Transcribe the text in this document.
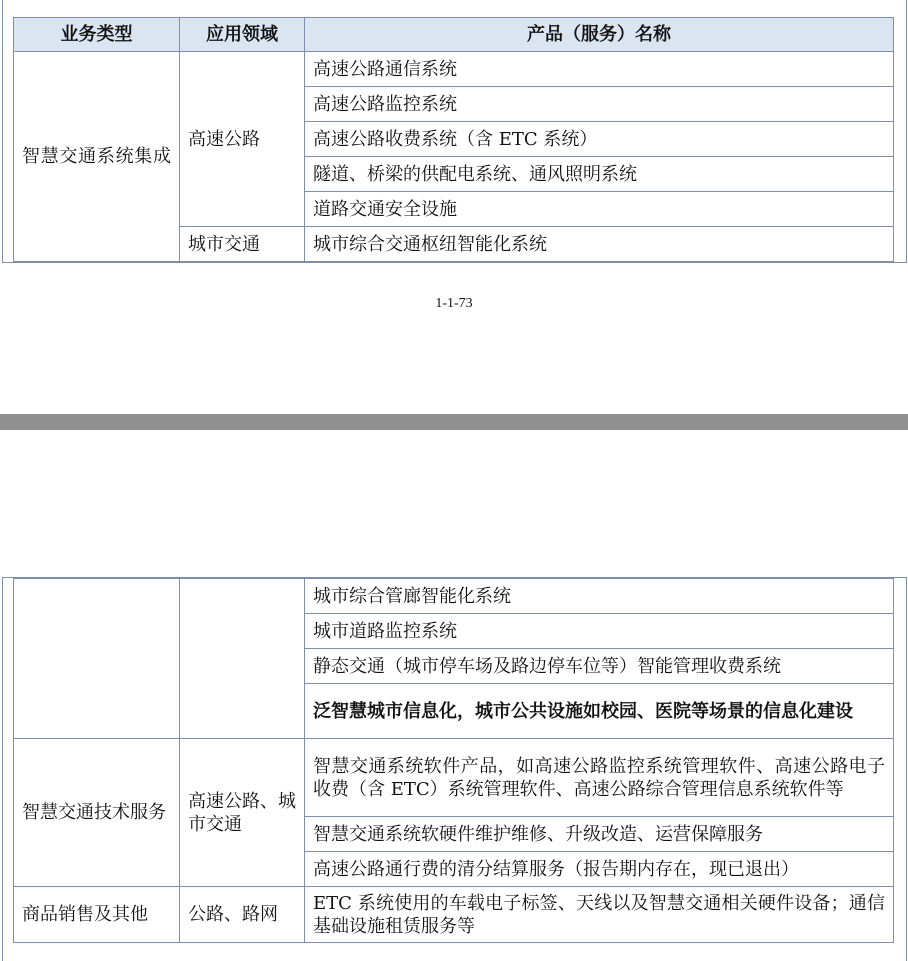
业务类型	应用领域	产品（服务）名称

智慧交通系统集成	高速公路	高速公路通信系统
		高速公路监控系统
		高速公路收费系统（含 ETC 系统）
		隧道、桥梁的供配电系统、通风照明系统
		道路交通安全设施
	城市交通	城市综合交通枢纽智能化系统
1-1-73
		城市综合管廊智能化系统
		城市道路监控系统
		静态交通（城市停车场及路边停车位等）智能管理收费系统
		泛智慧城市信息化，城市公共设施如校园、医院等场景的信息化建设

智慧交通技术服务	高速公路、城市交通	智慧交通系统软件产品，如高速公路监控系统管理软件、高速公路电子收费（含 ETC）系统管理软件、高速公路综合管理信息系统软件等
		智慧交通系统软硬件维护维修、升级改造、运营保障服务
		高速公路通行费的清分结算服务（报告期内存在，现已退出）

商品销售及其他	公路、路网	ETC 系统使用的车载电子标签、天线以及智慧交通相关硬件设备；通信基础设施租赁服务等
